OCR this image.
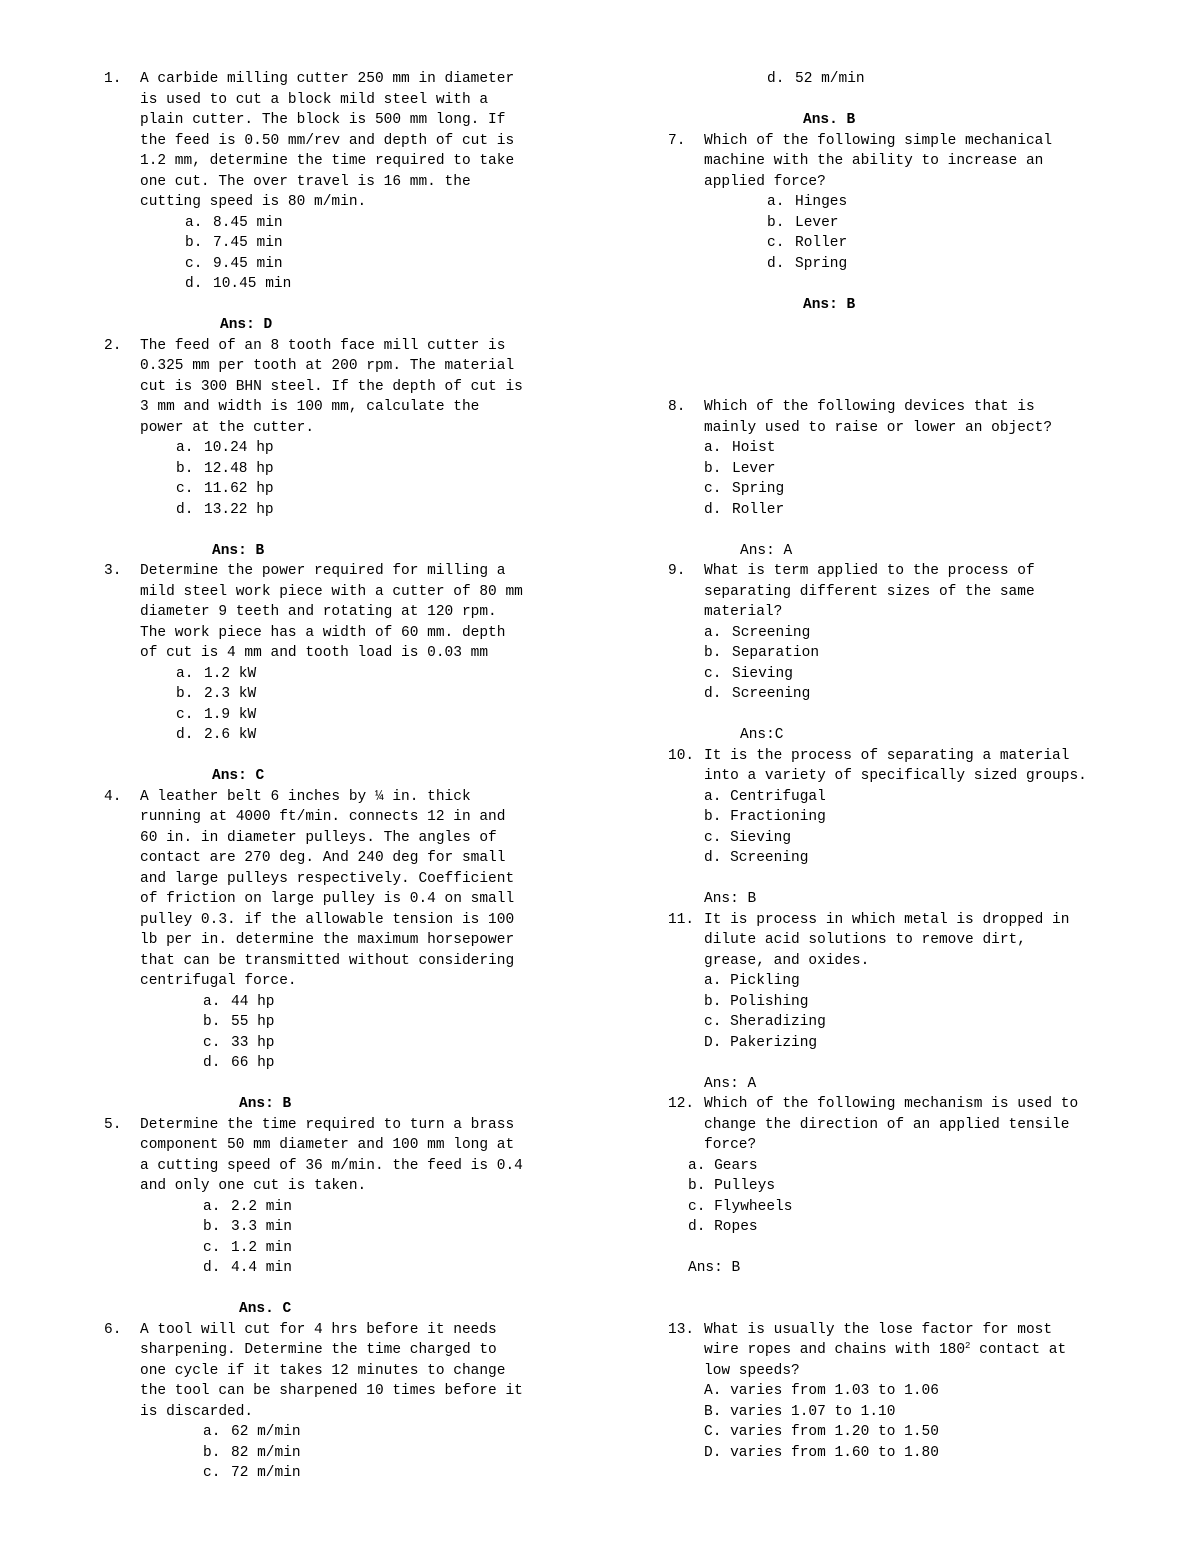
1. A carbide milling cutter 250 mm in diameter
is used to cut a block mild steel with a
plain cutter. The block is 500 mm long. If
the feed is 0.50 mm/rev and depth of cut is
1.2 mm, determine the time required to take
one cut. The over travel is 16 mm. the
cutting speed is 80 m/min.
a. 8.45 min
b. 7.45 min
c. 9.45 min
d. 10.45 min
Ans: D
2. The feed of an 8 tooth face mill cutter is
0.325 mm per tooth at 200 rpm. The material
cut is 300 BHN steel. If the depth of cut is
3 mm and width is 100 mm, calculate the
power at the cutter.
a. 10.24 hp
b. 12.48 hp
c. 11.62 hp
d. 13.22 hp
Ans: B
3. Determine the power required for milling a
mild steel work piece with a cutter of 80 mm
diameter 9 teeth and rotating at 120 rpm.
The work piece has a width of 60 mm. depth
of cut is 4 mm and tooth load is 0.03 mm
a. 1.2 kW
b. 2.3 kW
c. 1.9 kW
d. 2.6 kW
Ans: C
4. A leather belt 6 inches by ¼ in. thick
running at 4000 ft/min. connects 12 in and
60 in. in diameter pulleys. The angles of
contact are 270 deg. And 240 deg for small
and large pulleys respectively. Coefficient
of friction on large pulley is 0.4 on small
pulley 0.3. if the allowable tension is 100
lb per in. determine the maximum horsepower
that can be transmitted without considering
centrifugal force.
a. 44 hp
b. 55 hp
c. 33 hp
d. 66 hp
Ans: B
5. Determine the time required to turn a brass
component 50 mm diameter and 100 mm long at
a cutting speed of 36 m/min. the feed is 0.4
and only one cut is taken.
a. 2.2 min
b. 3.3 min
c. 1.2 min
d. 4.4 min
Ans. C
6. A tool will cut for 4 hrs before it needs
sharpening. Determine the time charged to
one cycle if it takes 12 minutes to change
the tool can be sharpened 10 times before it
is discarded.
a. 62 m/min
b. 82 m/min
c. 72 m/min
d. 52 m/min
Ans. B
7. Which of the following simple mechanical
machine with the ability to increase an
applied force?
a. Hinges
b. Lever
c. Roller
d. Spring
Ans: B
8. Which of the following devices that is
mainly used to raise or lower an object?
a. Hoist
b. Lever
c. Spring
d. Roller
Ans: A
9. What is term applied to the process of
separating different sizes of the same
material?
a. Screening
b. Separation
c. Sieving
d. Screening
Ans:C
10. It is the process of separating a material
into a variety of specifically sized groups.
a. Centrifugal
b. Fractioning
c. Sieving
d. Screening
Ans: B
11. It is process in which metal is dropped in
dilute acid solutions to remove dirt,
grease, and oxides.
a. Pickling
b. Polishing
c. Sheradizing
D. Pakerizing
Ans: A
12. Which of the following mechanism is used to
change the direction of an applied tensile
force?
a. Gears
b. Pulleys
c. Flywheels
d. Ropes
Ans: B
13. What is usually the lose factor for most
wire ropes and chains with $180^2$ contact at
low speeds?
A. varies from 1.03 to 1.06
B. varies 1.07 to 1.10
C. varies from 1.20 to 1.50
D. varies from 1.60 to 1.80
